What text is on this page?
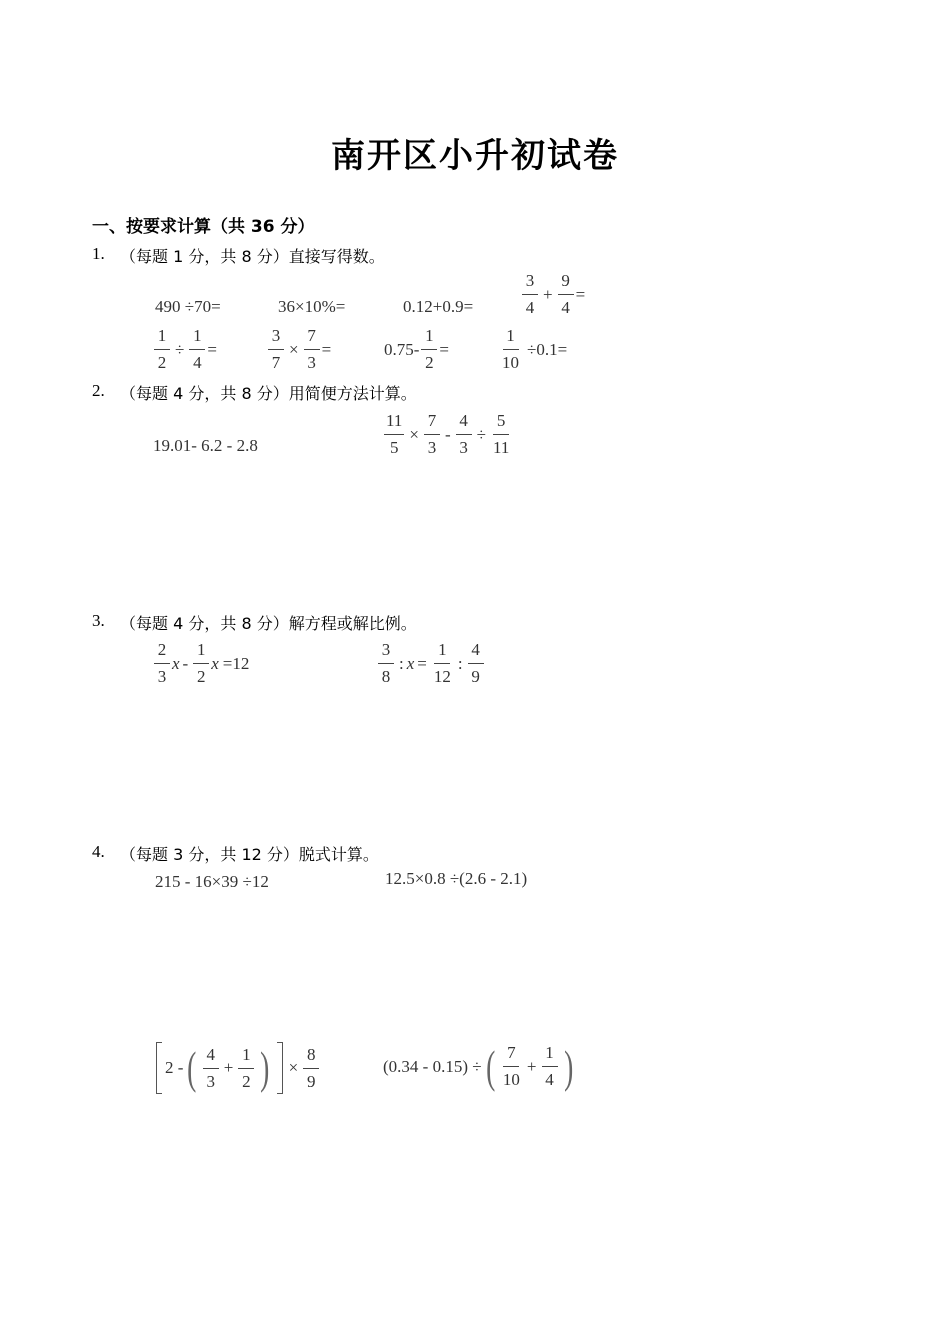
南开区小升初试卷
一、按要求计算（共 36 分）
1. （每题 1 分，共 8 分）直接写得数。
490 ÷70=	36×10%=	0.12+0.9=	$\frac{3}{4} + \frac{9}{4}$ =
$\frac{1}{2} \div \frac{1}{4}$ =	$\frac{3}{7} \times \frac{7}{3}$ =	$0.75- \frac{1}{2}$ =	$\frac{1}{10} \div 0.1=$
2. （每题 4 分，共 8 分）用简便方法计算。
19.01- 6.2 - 2.8	$\frac{11}{5} \times \frac{7}{3} - \frac{4}{3} \div \frac{5}{11}$
3. （每题 4 分，共 8 分）解方程或解比例。
$\frac{2}{3}$ x - $\frac{1}{2}$ x =12	$\frac{3}{8}$ : $x = \frac{1}{12}$ : $\frac{4}{9}$
4. （每题 3 分，共 12 分）脱式计算。
215 - 16×39 ÷12	12.5×0.8 ÷(2.6 - 2.1)
2 - ( $\frac{4}{3} + \frac{1}{2}$ ) × $\frac{8}{9}$	(0.34 - 0.15) ÷ ( $\frac{7}{10} + \frac{1}{4}$ )
